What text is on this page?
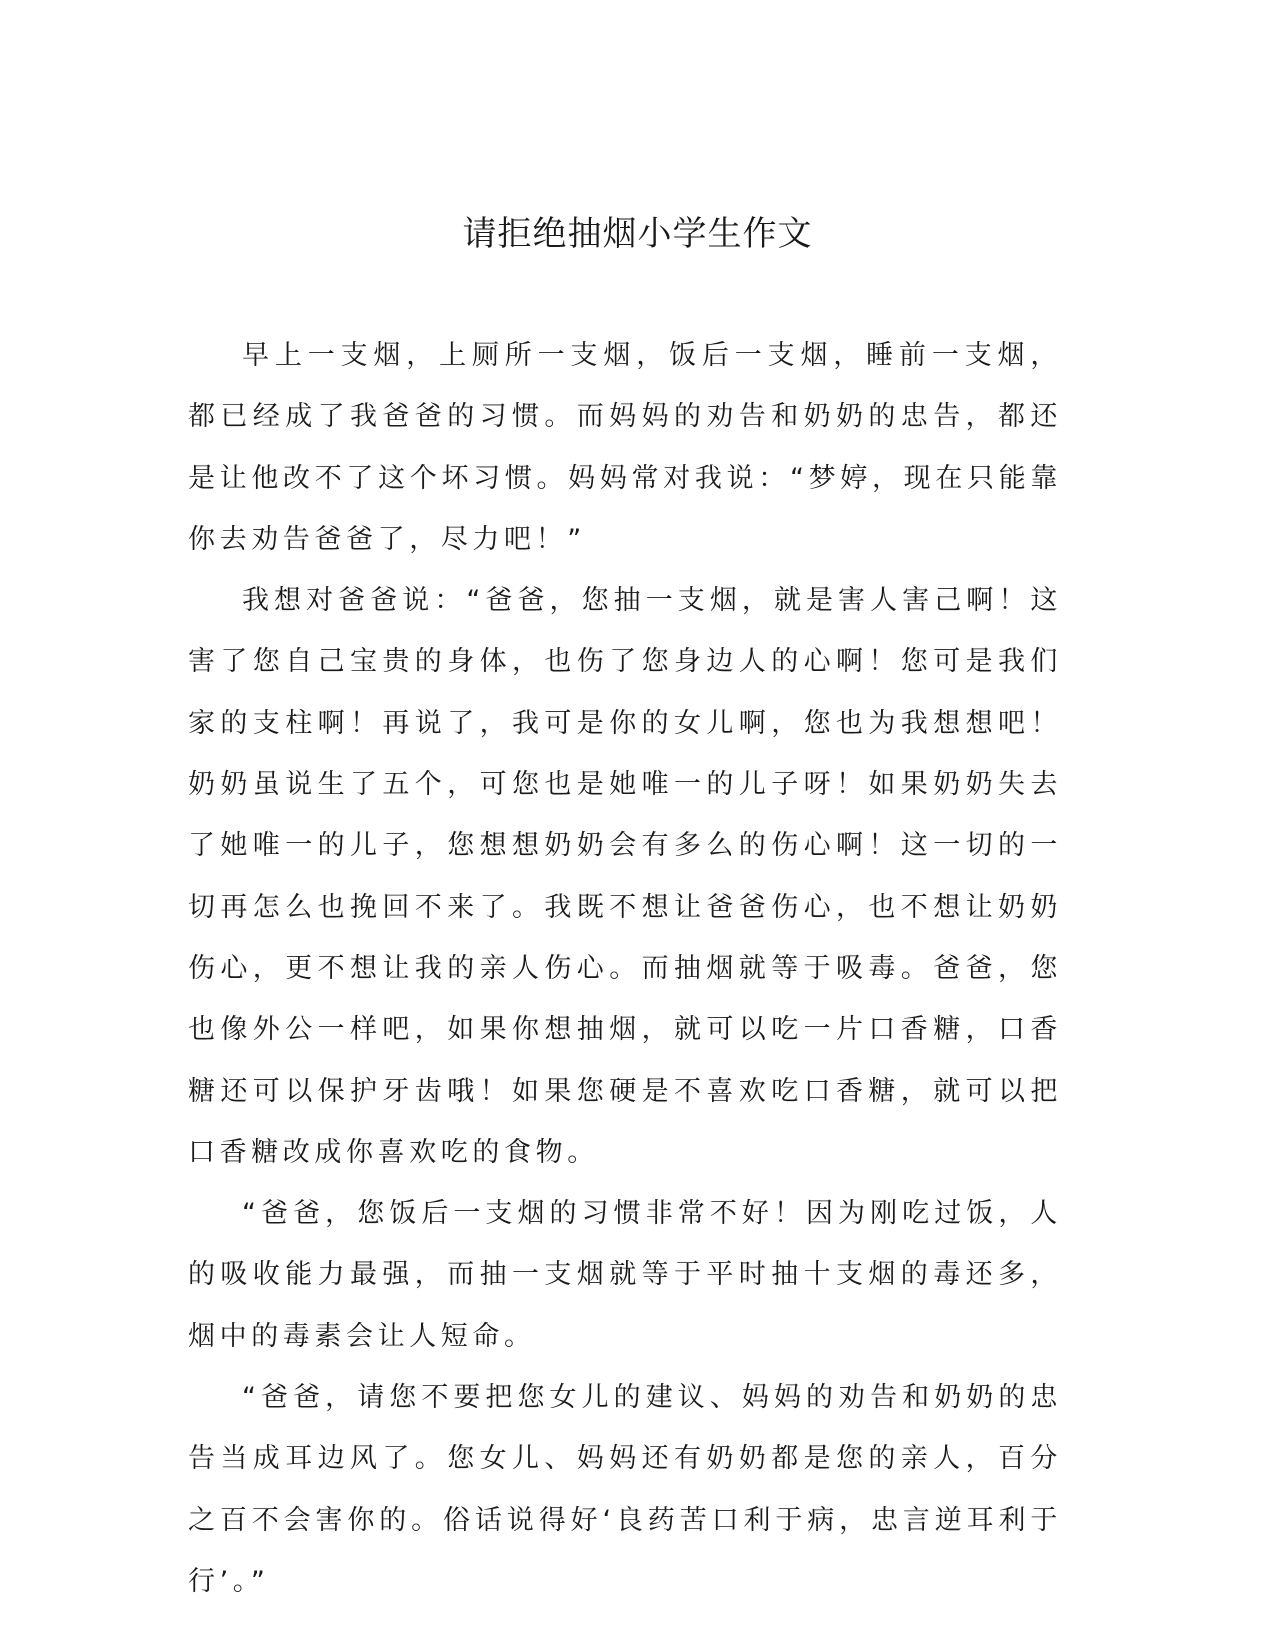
请拒绝抽烟小学生作文

早上一支烟，上厕所一支烟，饭后一支烟，睡前一支烟，都已经成了我爸爸的习惯。而妈妈的劝告和奶奶的忠告，都还是让他改不了这个坏习惯。妈妈常对我说：“梦婷，现在只能靠你去劝告爸爸了，尽力吧！”

我想对爸爸说：“爸爸，您抽一支烟，就是害人害己啊！这害了您自己宝贵的身体，也伤了您身边人的心啊！您可是我们家的支柱啊！再说了，我可是你的女儿啊，您也为我想想吧！奶奶虽说生了五个，可您也是她唯一的儿子呀！如果奶奶失去了她唯一的儿子，您想想奶奶会有多么的伤心啊！这一切的一切再怎么也挽回不来了。我既不想让爸爸伤心，也不想让奶奶伤心，更不想让我的亲人伤心。而抽烟就等于吸毒。爸爸，您也像外公一样吧，如果你想抽烟，就可以吃一片口香糖，口香糖还可以保护牙齿哦！如果您硬是不喜欢吃口香糖，就可以把口香糖改成你喜欢吃的食物。

“爸爸，您饭后一支烟的习惯非常不好！因为刚吃过饭，人的吸收能力最强，而抽一支烟就等于平时抽十支烟的毒还多，烟中的毒素会让人短命。

“爸爸，请您不要把您女儿的建议、妈妈的劝告和奶奶的忠告当成耳边风了。您女儿、妈妈还有奶奶都是您的亲人，百分之百不会害你的。俗话说得好‘良药苦口利于病，忠言逆耳利于行’。”
